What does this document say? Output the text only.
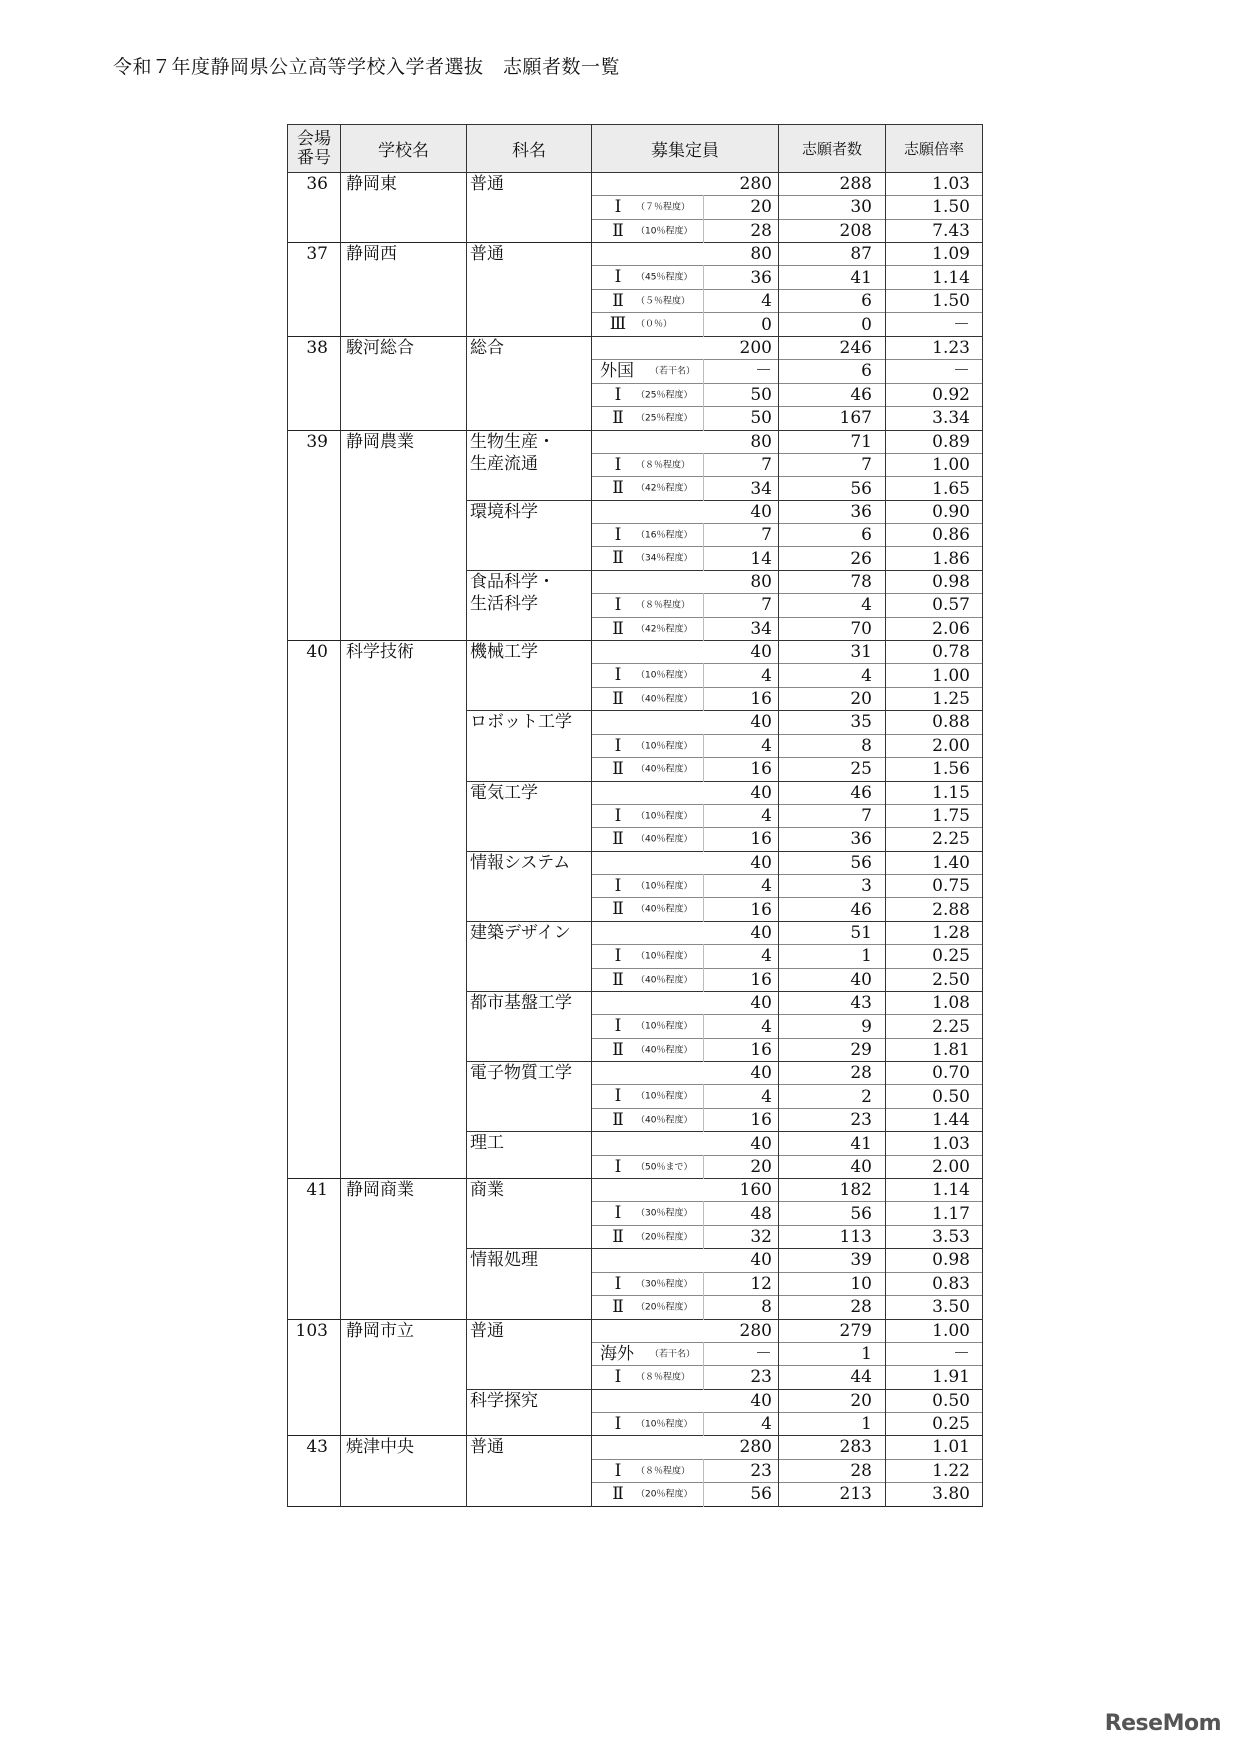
令和７年度静岡県公立高等学校入学者選抜　志願者数一覧
会場
番号	学校名	科名	募集定員		志願者数	志願倍率
36	静岡東	普通		280	288	1.03
			Ⅰ （７％程度）	20	30	1.50
			Ⅱ （10％程度）	28	208	7.43
37	静岡西	普通		80	87	1.09
			Ⅰ （45％程度）	36	41	1.14
			Ⅱ （５％程度）	4	6	1.50
			Ⅲ （０％）	0	0	－
38	駿河総合	総合		200	246	1.23
			外国 （若干名）	－	6	－
			Ⅰ （25％程度）	50	46	0.92
			Ⅱ （25％程度）	50	167	3.34
39	静岡農業	生物生産・
生産流通		80	71	0.89
			Ⅰ （８％程度）	7	7	1.00
			Ⅱ （42％程度）	34	56	1.65
		環境科学		40	36	0.90
			Ⅰ （16％程度）	7	6	0.86
			Ⅱ （34％程度）	14	26	1.86
		食品科学・
生活科学		80	78	0.98
			Ⅰ （８％程度）	7	4	0.57
			Ⅱ （42％程度）	34	70	2.06
40	科学技術	機械工学		40	31	0.78
			Ⅰ （10％程度）	4	4	1.00
			Ⅱ （40％程度）	16	20	1.25
		ロボット工学		40	35	0.88
			Ⅰ （10％程度）	4	8	2.00
			Ⅱ （40％程度）	16	25	1.56
		電気工学		40	46	1.15
			Ⅰ （10％程度）	4	7	1.75
			Ⅱ （40％程度）	16	36	2.25
		情報システム		40	56	1.40
			Ⅰ （10％程度）	4	3	0.75
			Ⅱ （40％程度）	16	46	2.88
		建築デザイン		40	51	1.28
			Ⅰ （10％程度）	4	1	0.25
			Ⅱ （40％程度）	16	40	2.50
		都市基盤工学		40	43	1.08
			Ⅰ （10％程度）	4	9	2.25
			Ⅱ （40％程度）	16	29	1.81
		電子物質工学		40	28	0.70
			Ⅰ （10％程度）	4	2	0.50
			Ⅱ （40％程度）	16	23	1.44
		理工		40	41	1.03
			Ⅰ （50％まで）	20	40	2.00
41	静岡商業	商業		160	182	1.14
			Ⅰ （30％程度）	48	56	1.17
			Ⅱ （20％程度）	32	113	3.53
		情報処理		40	39	0.98
			Ⅰ （30％程度）	12	10	0.83
			Ⅱ （20％程度）	8	28	3.50
103	静岡市立	普通		280	279	1.00
			海外 （若干名）	－	1	－
			Ⅰ （８％程度）	23	44	1.91
		科学探究		40	20	0.50
			Ⅰ （10％程度）	4	1	0.25
43	焼津中央	普通		280	283	1.01
			Ⅰ （８％程度）	23	28	1.22
			Ⅱ （20％程度）	56	213	3.80
ReseMom
